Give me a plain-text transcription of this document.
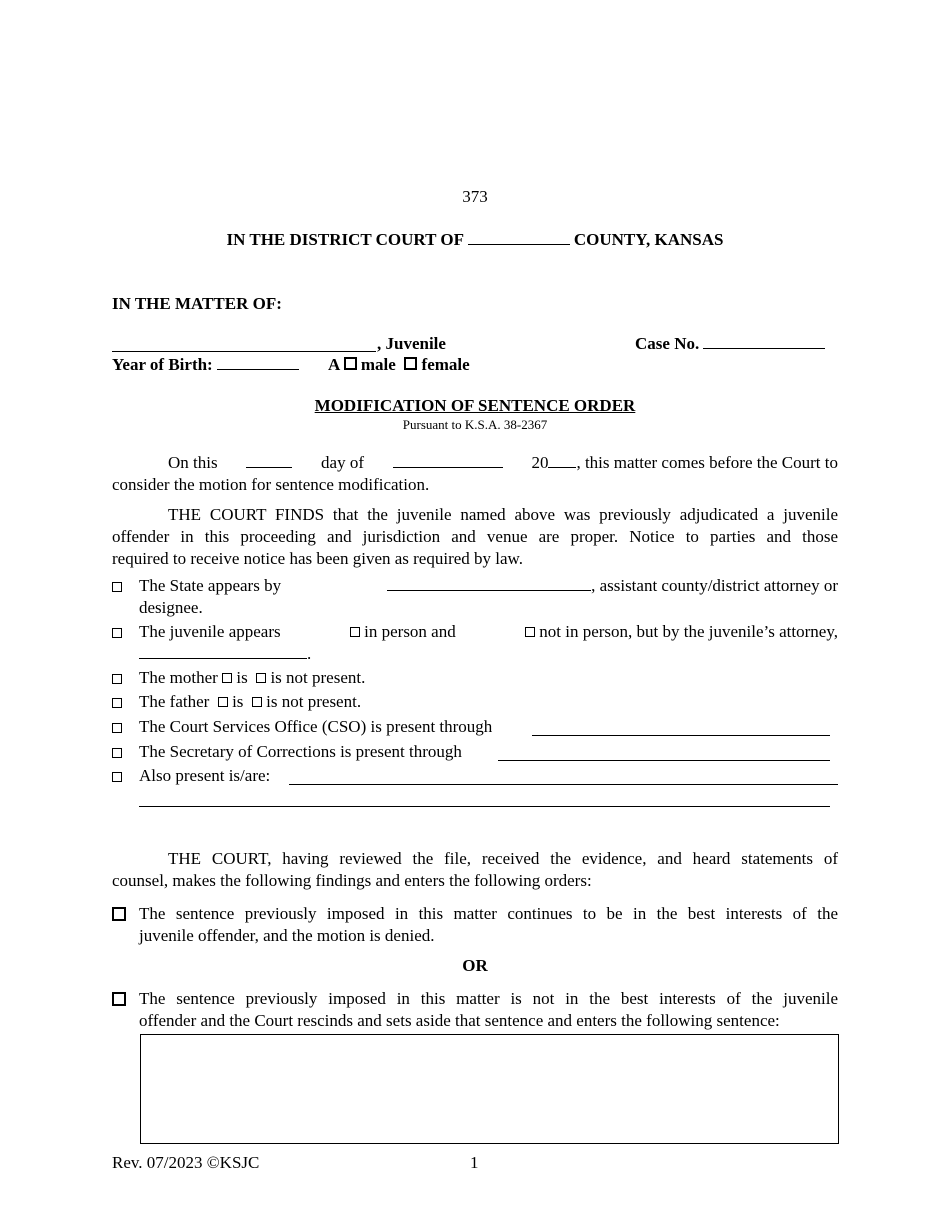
373
IN THE DISTRICT COURT OF	COUNTY, KANSAS
IN THE MATTER OF:
, Juvenile	Case No.
Year of Birth:	A male female
MODIFICATION OF SENTENCE ORDER
Pursuant to K.S.A. 38-2367
On this	day of	20 , this matter comes before the Court to
consider the motion for sentence modification.
THE COURT FINDS that the juvenile named above was previously adjudicated a juvenile
offender in this proceeding and jurisdiction and venue are proper. Notice to parties and those
required to receive notice has been given as required by law.
The State appears by	, assistant county/district attorney or
designee.
The juvenile appears	in person and	not in person, but by the juvenile’s attorney,
.
The mother is is not present.
The father is is not present.
The Court Services Office (CSO) is present through
The Secretary of Corrections is present through
Also present is/are:
THE COURT, having reviewed the file, received the evidence, and heard statements of
counsel, makes the following findings and enters the following orders:
The sentence previously imposed in this matter continues to be in the best interests of the
juvenile offender, and the motion is denied.
OR
The sentence previously imposed in this matter is not in the best interests of the juvenile
offender and the Court rescinds and sets aside that sentence and enters the following sentence:
Rev. 07/2023 ©KSJC	1
